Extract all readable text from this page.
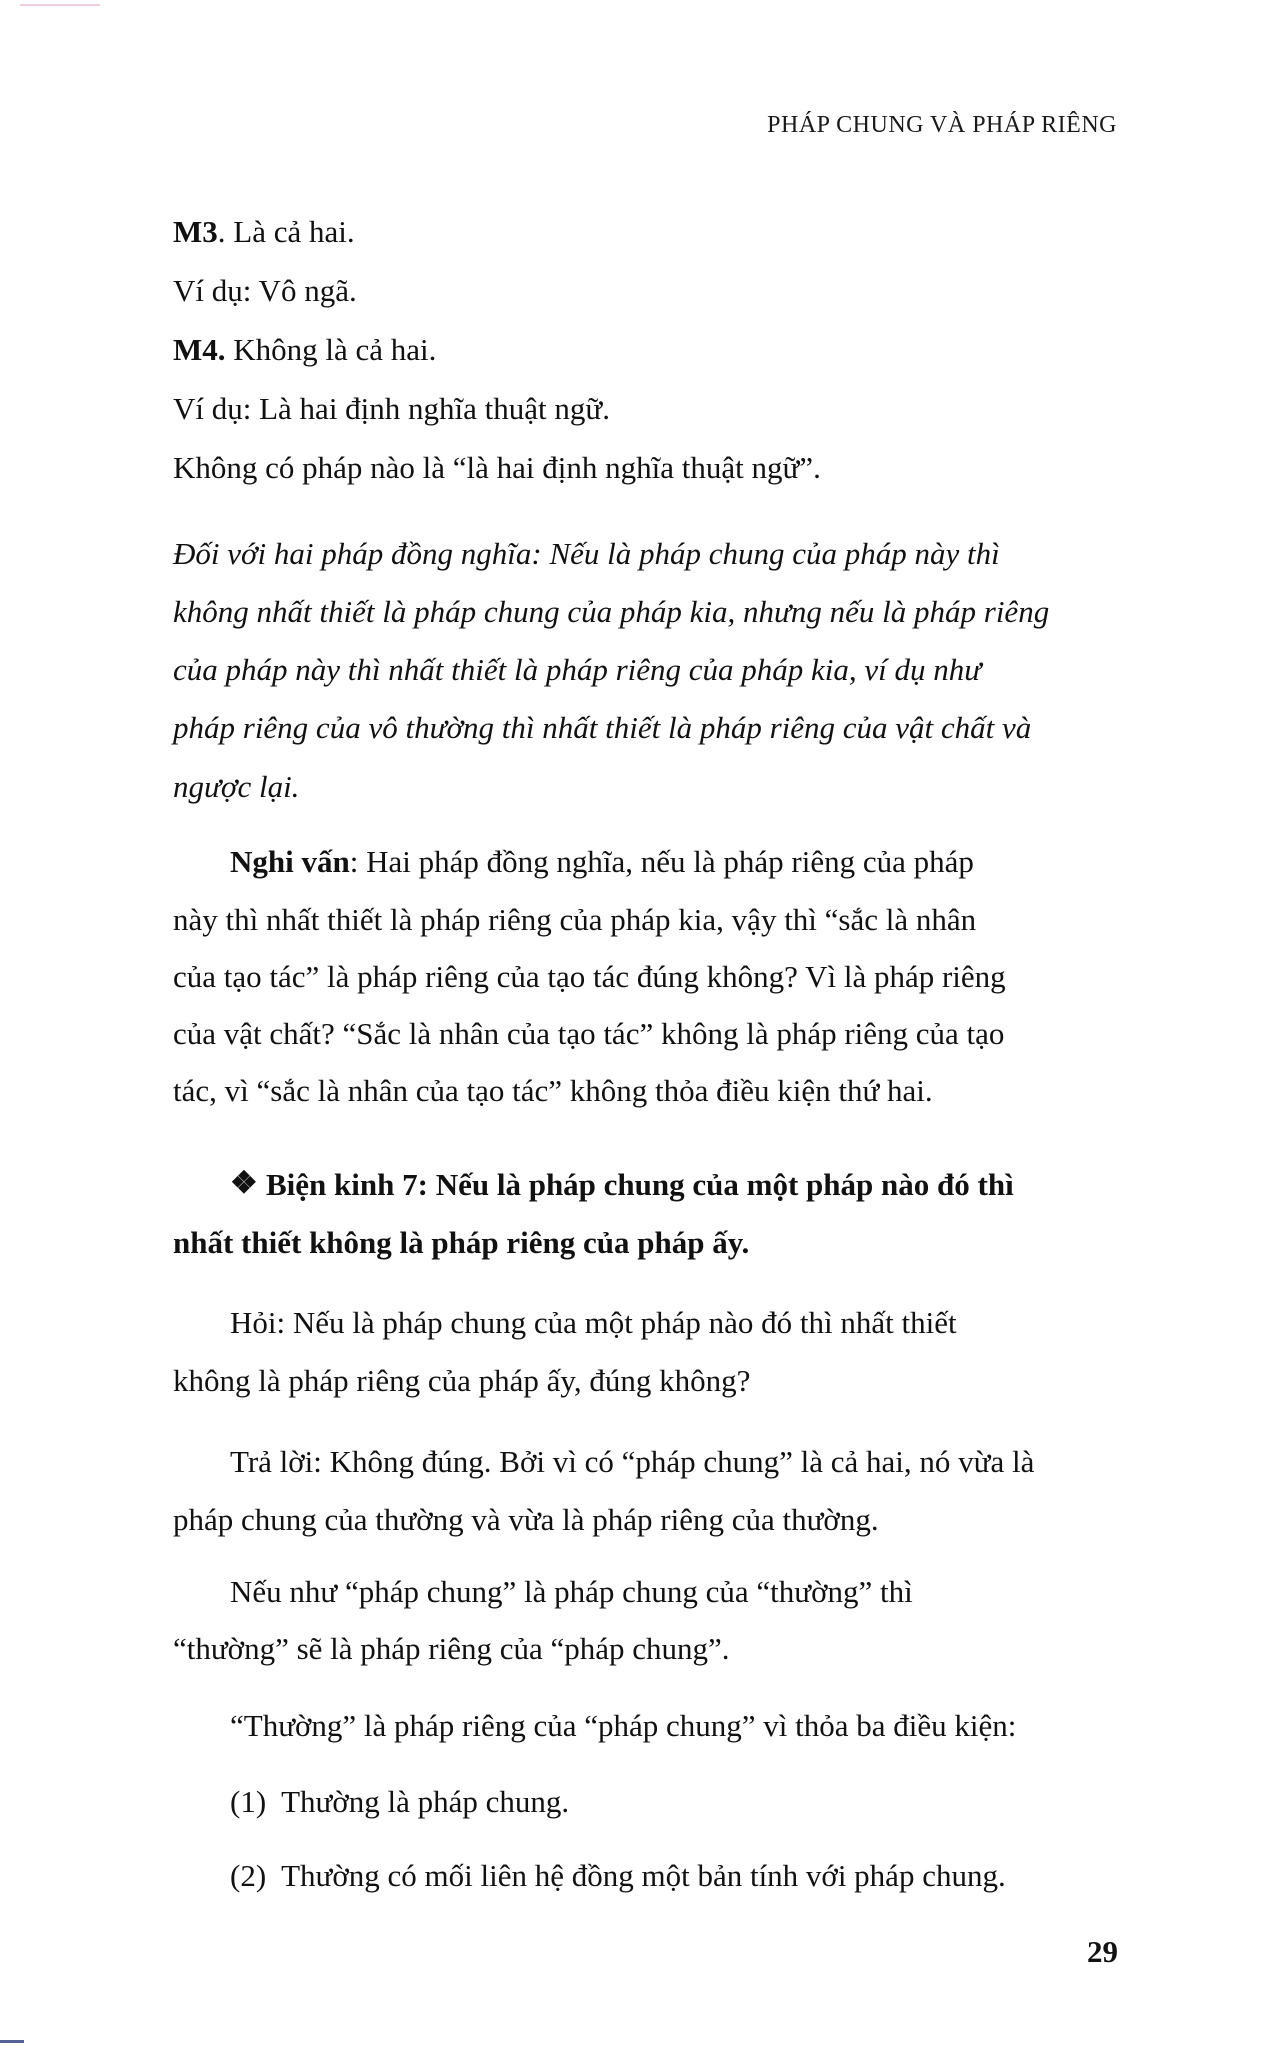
PHÁP CHUNG VÀ PHÁP RIÊNG
M3. Là cả hai.
Ví dụ: Vô ngã.
M4. Không là cả hai.
Ví dụ: Là hai định nghĩa thuật ngữ.
Không có pháp nào là “là hai định nghĩa thuật ngữ”.
Đối với hai pháp đồng nghĩa: Nếu là pháp chung của pháp này thì
không nhất thiết là pháp chung của pháp kia, nhưng nếu là pháp riêng
của pháp này thì nhất thiết là pháp riêng của pháp kia, ví dụ như
pháp riêng của vô thường thì nhất thiết là pháp riêng của vật chất và
ngược lại.
Nghi vấn: Hai pháp đồng nghĩa, nếu là pháp riêng của pháp
này thì nhất thiết là pháp riêng của pháp kia, vậy thì “sắc là nhân
của tạo tác” là pháp riêng của tạo tác đúng không? Vì là pháp riêng
của vật chất? “Sắc là nhân của tạo tác” không là pháp riêng của tạo
tác, vì “sắc là nhân của tạo tác” không thỏa điều kiện thứ hai.
❖ Biện kinh 7: Nếu là pháp chung của một pháp nào đó thì
nhất thiết không là pháp riêng của pháp ấy.
Hỏi: Nếu là pháp chung của một pháp nào đó thì nhất thiết
không là pháp riêng của pháp ấy, đúng không?
Trả lời: Không đúng. Bởi vì có “pháp chung” là cả hai, nó vừa là
pháp chung của thường và vừa là pháp riêng của thường.
Nếu như “pháp chung” là pháp chung của “thường” thì
“thường” sẽ là pháp riêng của “pháp chung”.
“Thường” là pháp riêng của “pháp chung” vì thỏa ba điều kiện:
(1) Thường là pháp chung.
(2) Thường có mối liên hệ đồng một bản tính với pháp chung.
29
